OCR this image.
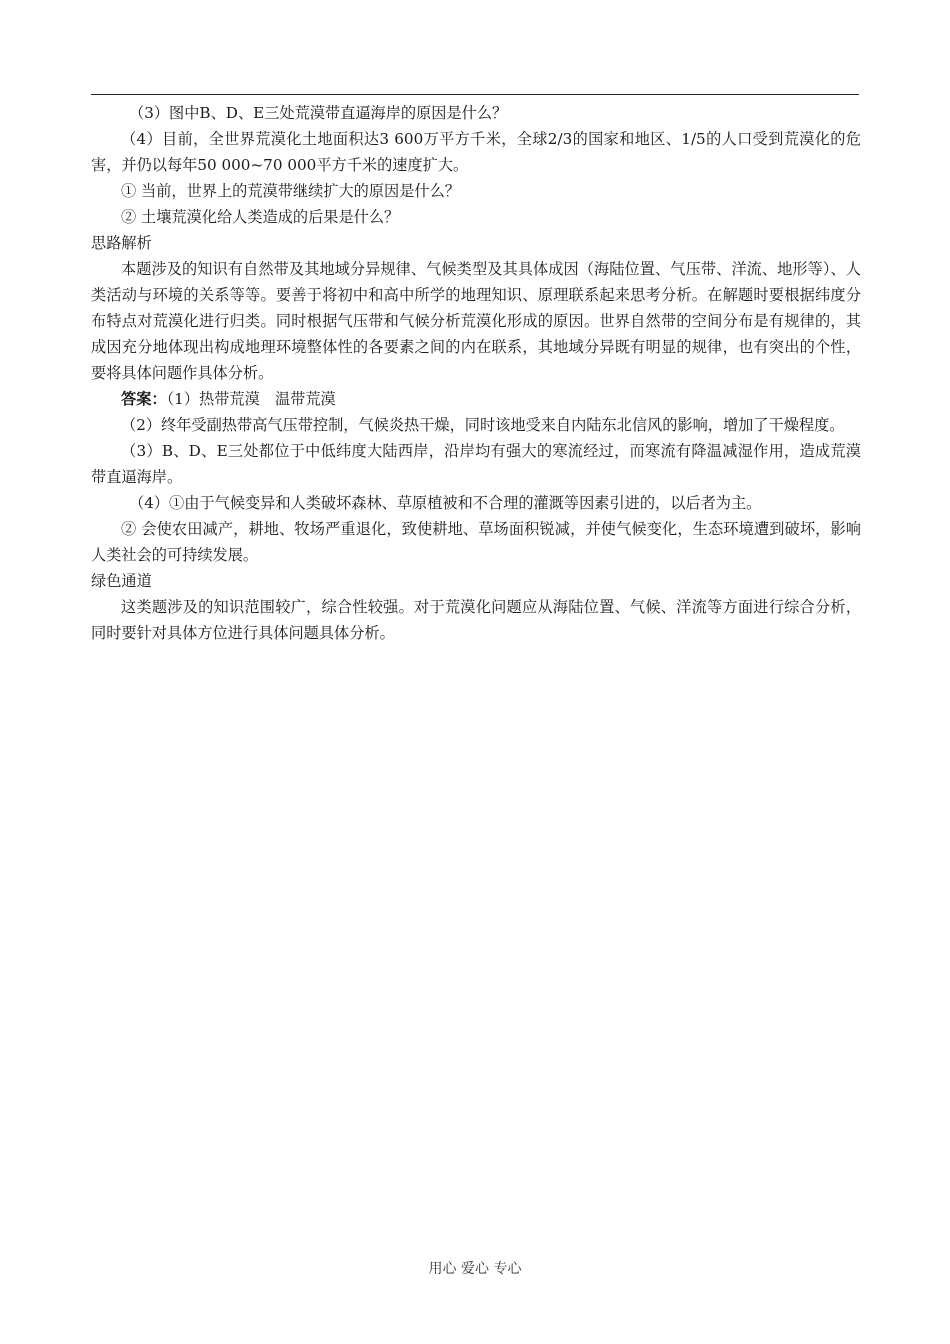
（3）图中B、D、E三处荒漠带直逼海岸的原因是什么？

（4）目前，全世界荒漠化土地面积达3 600万平方千米，全球2/3的国家和地区、1/5的人口受到荒漠化的危害，并仍以每年50 000~70 000平方千米的速度扩大。

① 当前，世界上的荒漠带继续扩大的原因是什么？

② 土壤荒漠化给人类造成的后果是什么？

思路解析

本题涉及的知识有自然带及其地域分异规律、气候类型及其具体成因（海陆位置、气压带、洋流、地形等）、人类活动与环境的关系等等。要善于将初中和高中所学的地理知识、原理联系起来思考分析。在解题时要根据纬度分布特点对荒漠化进行归类。同时根据气压带和气候分析荒漠化形成的原因。世界自然带的空间分布是有规律的，其成因充分地体现出构成地理环境整体性的各要素之间的内在联系，其地域分异既有明显的规律，也有突出的个性，要将具体问题作具体分析。

答案：（1）热带荒漠　温带荒漠

（2）终年受副热带高气压带控制，气候炎热干燥，同时该地受来自内陆东北信风的影响，增加了干燥程度。

（3）B、D、E三处都位于中低纬度大陆西岸，沿岸均有强大的寒流经过，而寒流有降温减湿作用，造成荒漠带直逼海岸。

（4）①由于气候变异和人类破坏森林、草原植被和不合理的灌溉等因素引进的，以后者为主。

② 会使农田减产，耕地、牧场严重退化，致使耕地、草场面积锐减，并使气候变化，生态环境遭到破坏，影响人类社会的可持续发展。

绿色通道

这类题涉及的知识范围较广，综合性较强。对于荒漠化问题应从海陆位置、气候、洋流等方面进行综合分析，同时要针对具体方位进行具体问题具体分析。

用心 爱心 专心
